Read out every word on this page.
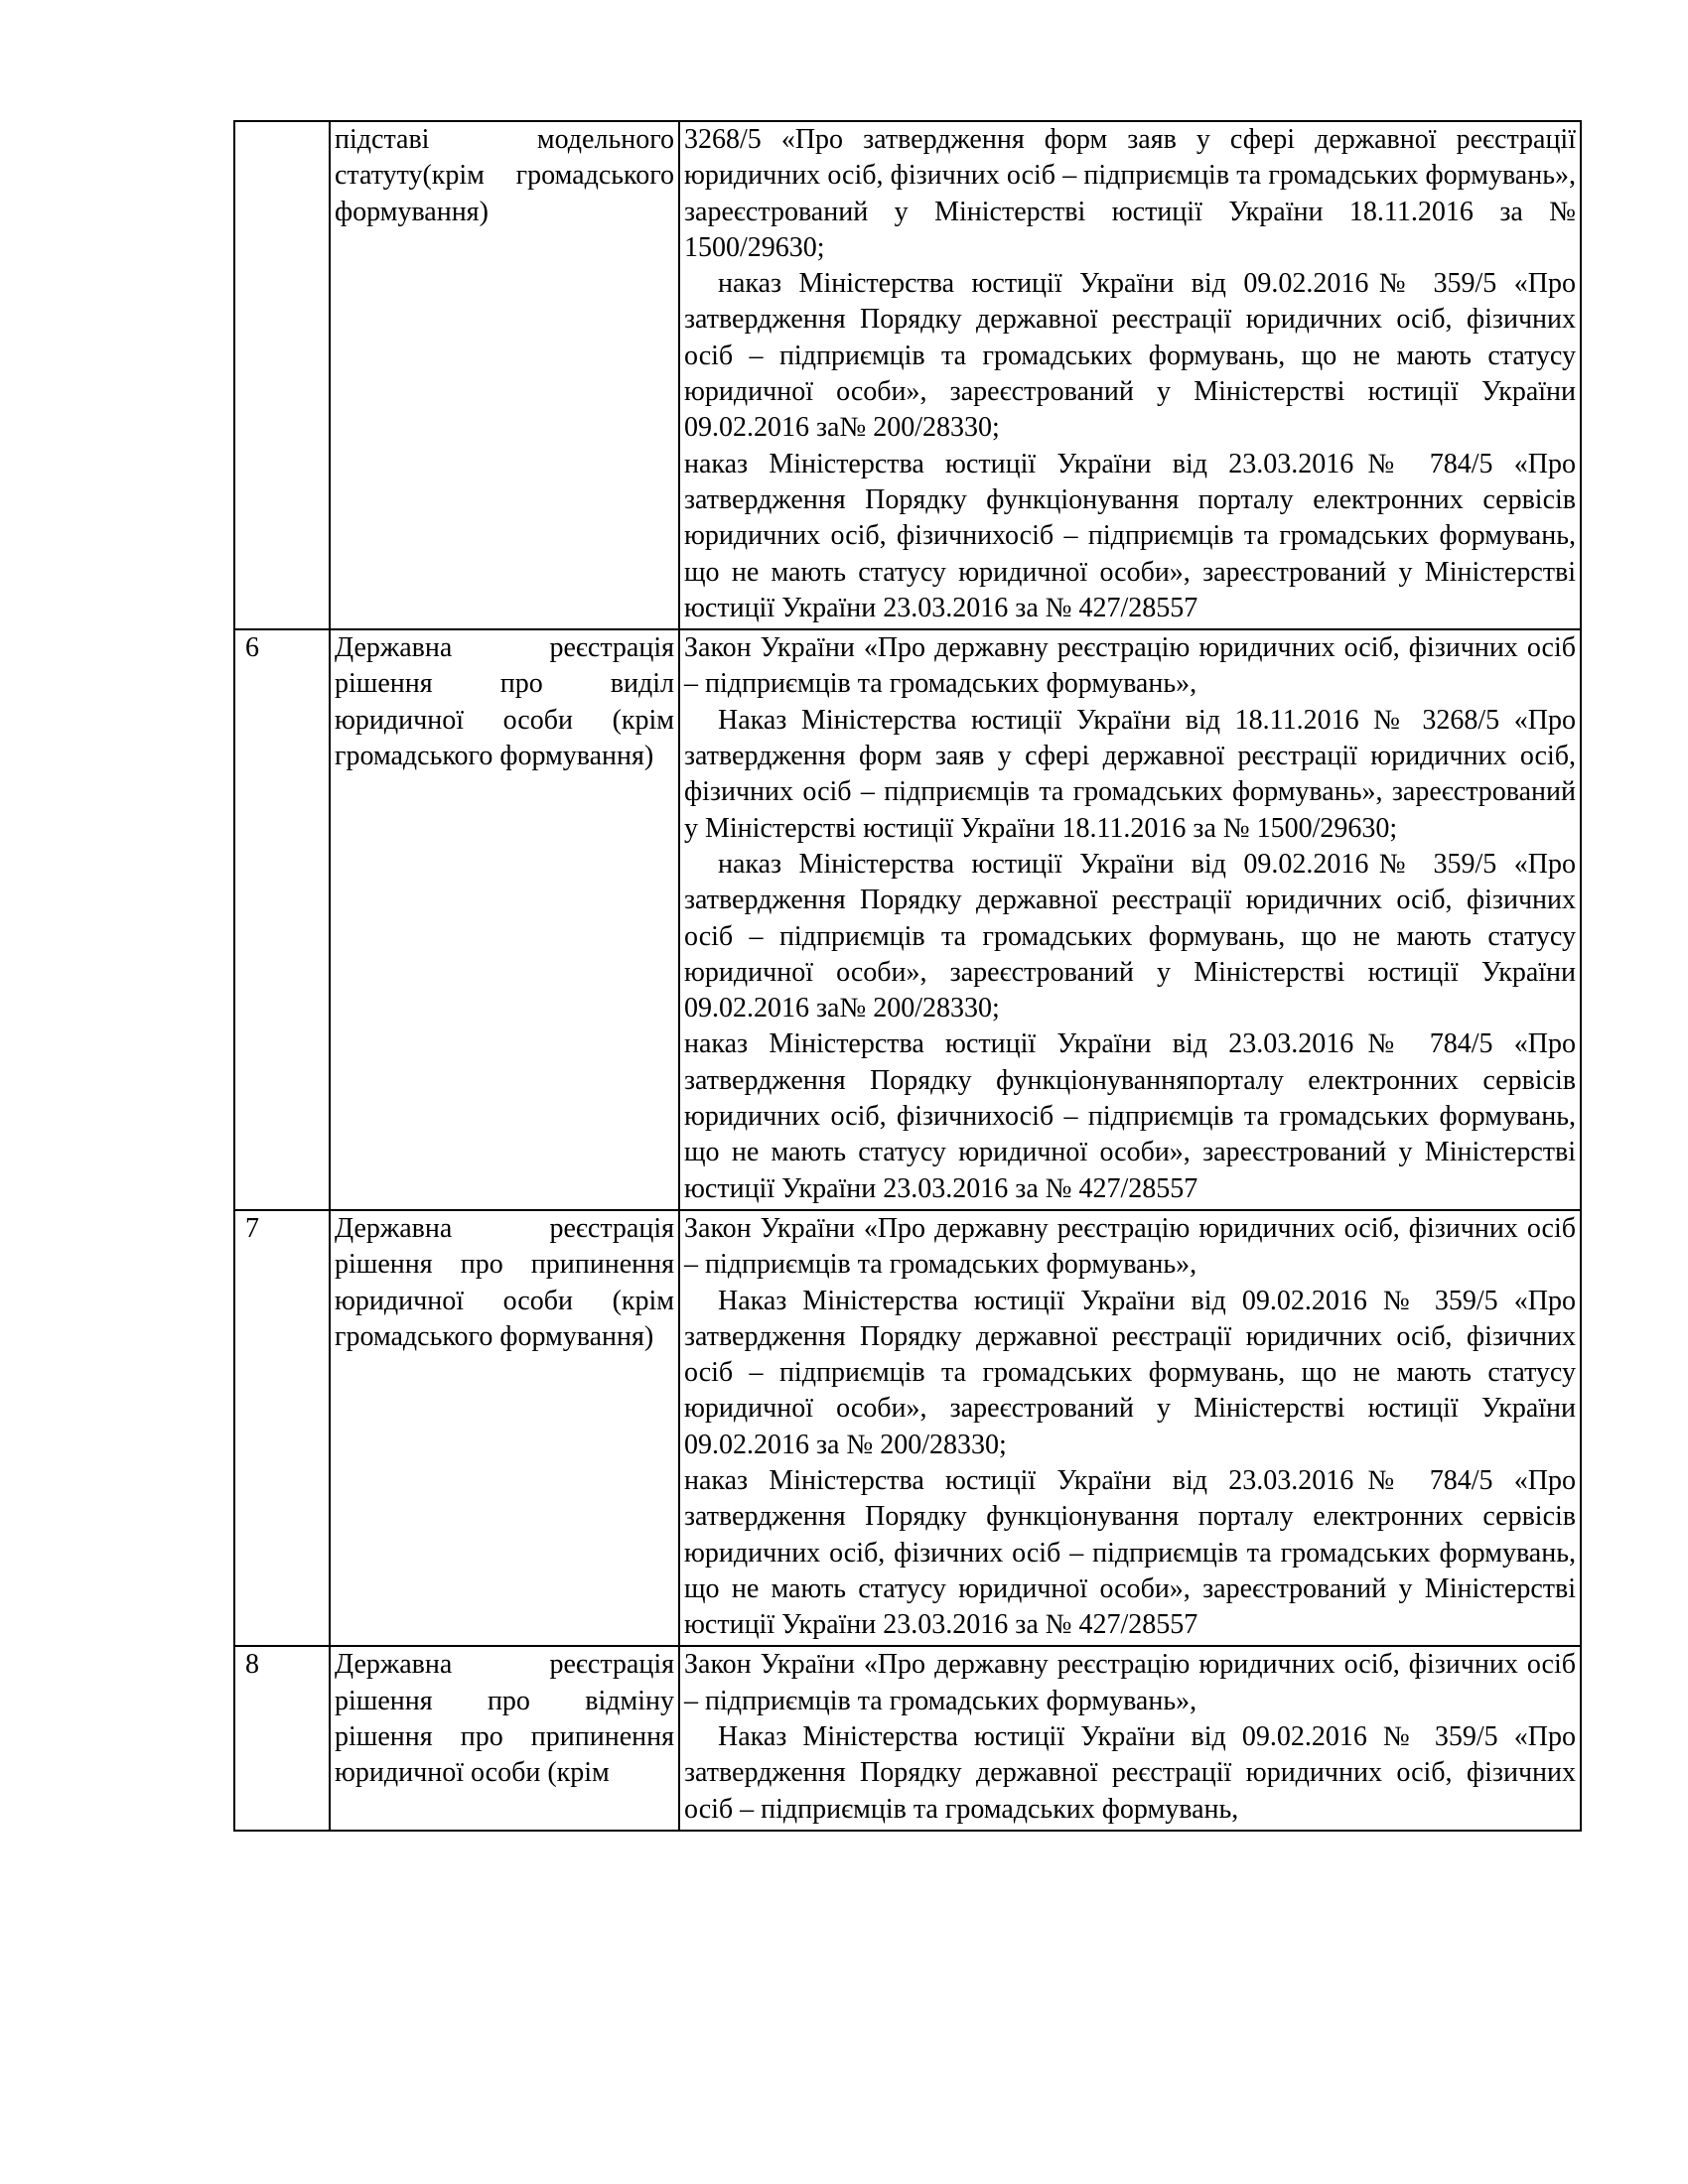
	підставі модельного статуту(крім громадського формування)	3268/5 «Про затвердження форм заяв у сфері державної реєстрації юридичних осіб, фізичних осіб – підприємців та громадських формувань», зареєстрований у Міністерстві юстиції України 18.11.2016 за № 1500/29630;

наказ Міністерства юстиції України від 09.02.2016№ 359/5 «Про затвердження Порядку державної реєстрації юридичних осіб, фізичних осіб – підприємців та громадських формувань, що не мають статусу юридичної особи», зареєстрований у Міністерстві юстиції України 09.02.2016 за№ 200/28330;

наказ Міністерства юстиції України від 23.03.2016№ 784/5 «Про затвердження Порядку функціонування порталу електронних сервісів юридичних осіб, фізичнихосіб – підприємців та громадських формувань, що не мають статусу юридичної особи», зареєстрований у Міністерстві юстиції України 23.03.2016 за № 427/28557

6	Державна реєстрація рішення про виділ юридичної особи (крім громадського формування)	Закон України «Про державну реєстрацію юридичних осіб, фізичних осіб – підприємців та громадських формувань»,

Наказ Міністерства юстиції України від 18.11.2016 № 3268/5 «Про затвердження форм заяв у сфері державної реєстрації юридичних осіб, фізичних осіб – підприємців та громадських формувань», зареєстрований у Міністерстві юстиції України 18.11.2016 за № 1500/29630;

наказ Міністерства юстиції України від 09.02.2016№ 359/5 «Про затвердження Порядку державної реєстрації юридичних осіб, фізичних осіб – підприємців та громадських формувань, що не мають статусу юридичної особи», зареєстрований у Міністерстві юстиції України 09.02.2016 за№ 200/28330;

наказ Міністерства юстиції України від 23.03.2016№ 784/5 «Про затвердження Порядку функціонуванняпорталу електронних сервісів юридичних осіб, фізичнихосіб – підприємців та громадських формувань, що не мають статусу юридичної особи», зареєстрований у Міністерстві юстиції України 23.03.2016 за № 427/28557

7	Державна реєстрація рішення про припинення юридичної особи (крім громадського формування)	Закон України «Про державну реєстрацію юридичних осіб, фізичних осіб – підприємців та громадських формувань»,

Наказ Міністерства юстиції України від 09.02.2016 № 359/5 «Про затвердження Порядку державної реєстрації юридичних осіб, фізичних осіб – підприємців та громадських формувань, що не мають статусу юридичної особи», зареєстрований у Міністерстві юстиції України 09.02.2016 за № 200/28330;

наказ Міністерства юстиції України від 23.03.2016№ 784/5 «Про затвердження Порядку функціонування порталу електронних сервісів юридичних осіб, фізичних осіб – підприємців та громадських формувань, що не мають статусу юридичної особи», зареєстрований у Міністерстві юстиції України 23.03.2016 за № 427/28557

8	Державна реєстрація рішення про відміну рішення про припинення юридичної особи (крім	Закон України «Про державну реєстрацію юридичних осіб, фізичних осіб – підприємців та громадських формувань»,

Наказ Міністерства юстиції України від 09.02.2016 № 359/5 «Про затвердження Порядку державної реєстрації юридичних осіб, фізичних осіб – підприємців та громадських формувань,
